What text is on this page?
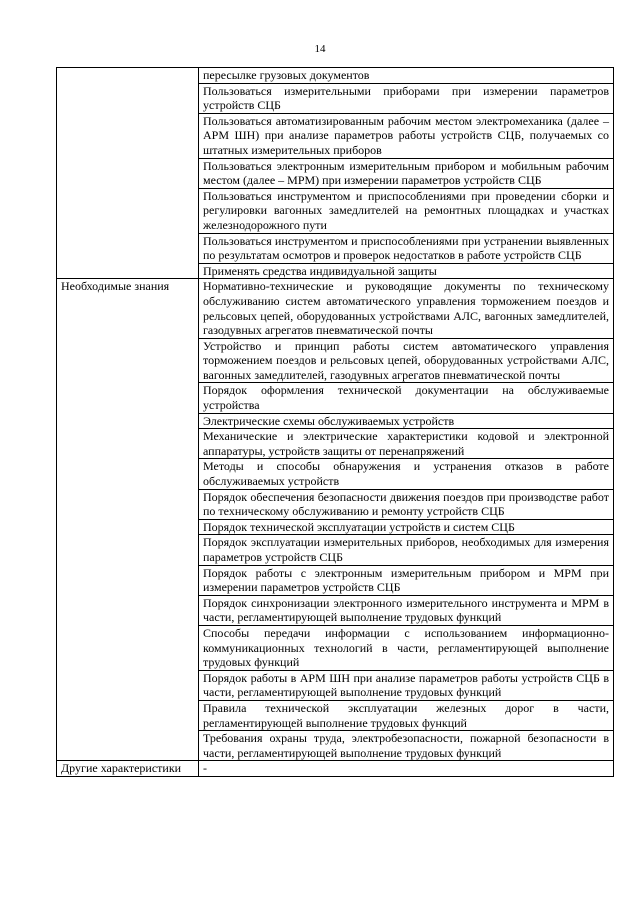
14
	пересылке грузовых документов
	Пользоваться измерительными приборами при измерении параметров устройств СЦБ
	Пользоваться автоматизированным рабочим местом электромеханика (далее – АРМ ШН) при анализе параметров работы устройств СЦБ, получаемых со штатных измерительных приборов
	Пользоваться электронным измерительным прибором и мобильным рабочим местом (далее – МРМ) при измерении параметров устройств СЦБ
	Пользоваться инструментом и приспособлениями при проведении сборки и регулировки вагонных замедлителей на ремонтных площадках и участках железнодорожного пути
	Пользоваться инструментом и приспособлениями при устранении выявленных по результатам осмотров и проверок недостатков в работе устройств СЦБ
	Применять средства индивидуальной защиты
Необходимые знания	Нормативно-технические и руководящие документы по техническому обслуживанию систем автоматического управления торможением поездов и рельсовых цепей, оборудованных устройствами АЛС, вагонных замедлителей, газодувных агрегатов пневматической почты
	Устройство и принцип работы систем автоматического управления торможением поездов и рельсовых цепей, оборудованных устройствами АЛС, вагонных замедлителей, газодувных агрегатов пневматической почты
	Порядок оформления технической документации на обслуживаемые устройства
	Электрические схемы обслуживаемых устройств
	Механические и электрические характеристики кодовой и электронной аппаратуры, устройств защиты от перенапряжений
	Методы и способы обнаружения и устранения отказов в работе обслуживаемых устройств
	Порядок обеспечения безопасности движения поездов при производстве работ по техническому обслуживанию и ремонту устройств СЦБ
	Порядок технической эксплуатации устройств и систем СЦБ
	Порядок эксплуатации измерительных приборов, необходимых для измерения параметров устройств СЦБ
	Порядок работы с электронным измерительным прибором и МРМ при измерении параметров устройств СЦБ
	Порядок синхронизации электронного измерительного инструмента и МРМ в части, регламентирующей выполнение трудовых функций
	Способы передачи информации с использованием информационно-коммуникационных технологий в части, регламентирующей выполнение трудовых функций
	Порядок работы в АРМ ШН при анализе параметров работы устройств СЦБ в части, регламентирующей выполнение трудовых функций
	Правила технической эксплуатации железных дорог в части, регламентирующей выполнение трудовых функций
	Требования охраны труда, электробезопасности, пожарной безопасности в части, регламентирующей выполнение трудовых функций
Другие характеристики	-
